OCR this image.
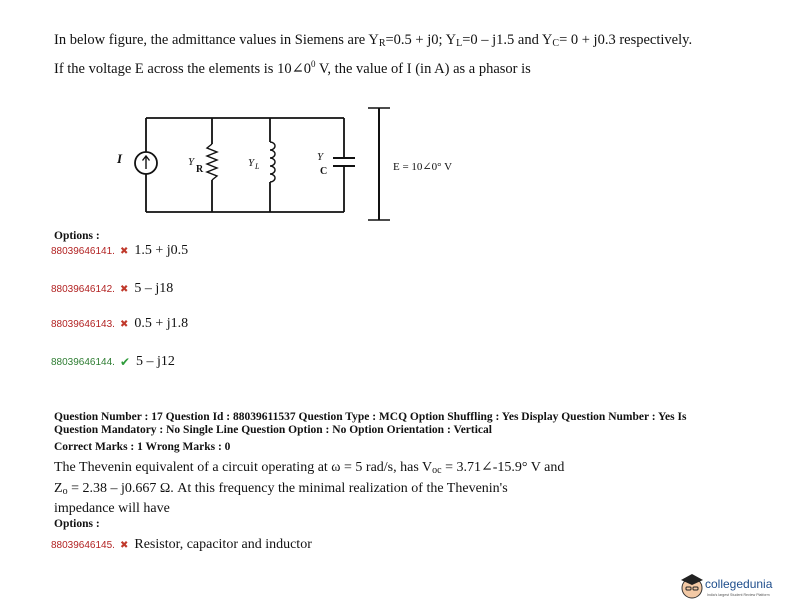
In below figure, the admittance values in Siemens are $Y_R=0.5 + j0$; $Y_L=0 - j1.5$ and $Y_C= 0 + j0.3$ respectively.
If the voltage E across the elements is $10\angle 0^0$ V, the value of I (in A) as a phasor is
I	Y
R
Y L
Y
C	E = 10∠0° V
Options :
88039646141. ✖ 1.5 + j0.5
88039646142. ✖ 5 – j18
88039646143. ✖ 0.5 + j1.8
88039646144. ✔ 5 – j12
Question Number : 17 Question Id : 88039611537 Question Type : MCQ Option Shuffling : Yes Display Question Number : Yes Is
Question Mandatory : No Single Line Question Option : No Option Orientation : Vertical
Correct Marks : 1 Wrong Marks : 0
The Thevenin equivalent of a circuit operating at ω = 5 rad/s, has $V_{oc}$ = 3.71∠-15.9° V and
$Z_o = 2.38 - j0.667$ Ω. At this frequency the minimal realization of the Thevenin's
impedance will have
Options :
88039646145. ✖ Resistor, capacitor and inductor
collegedunia
India's largest Student Review Platform
